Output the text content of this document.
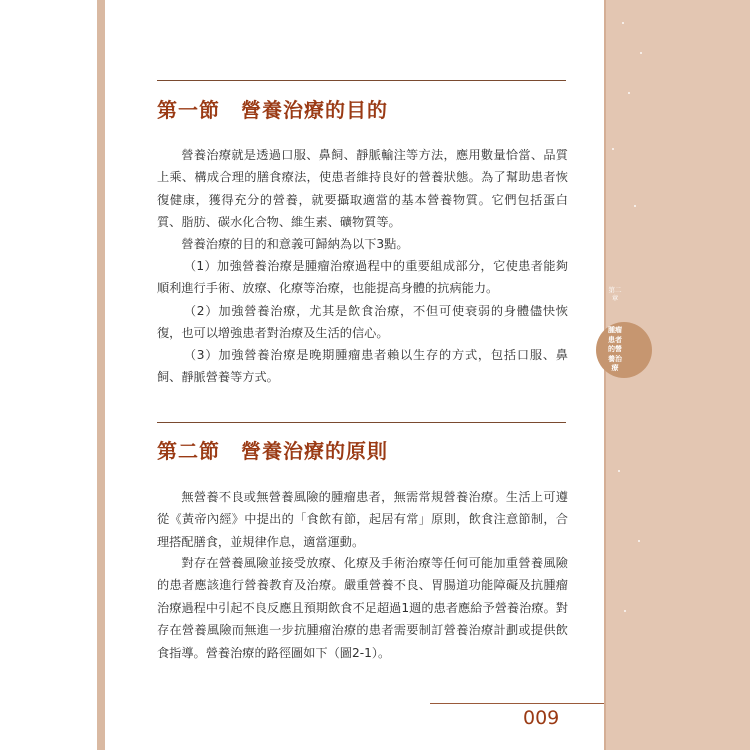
第二章
腫瘤患者的營養治療
第一節　營養治療的目的

營養治療就是透過口服、鼻飼、靜脈輸注等方法，應用數量恰當、品質上乘、構成合理的膳食療法，使患者維持良好的營養狀態。為了幫助患者恢復健康，獲得充分的營養，就要攝取適當的基本營養物質。它們包括蛋白質、脂肪、碳水化合物、維生素、礦物質等。

營養治療的目的和意義可歸納為以下3點。

（1）加強營養治療是腫瘤治療過程中的重要組成部分，它使患者能夠順利進行手術、放療、化療等治療，也能提高身體的抗病能力。

（2）加強營養治療，尤其是飲食治療，不但可使衰弱的身體儘快恢復，也可以增強患者對治療及生活的信心。

（3）加強營養治療是晚期腫瘤患者賴以生存的方式，包括口服、鼻飼、靜脈營養等方式。

第二節　營養治療的原則

無營養不良或無營養風險的腫瘤患者，無需常規營養治療。生活上可遵從《黃帝內經》中提出的「食飲有節，起居有常」原則，飲食注意節制，合理搭配膳食，並規律作息，適當運動。

對存在營養風險並接受放療、化療及手術治療等任何可能加重營養風險的患者應該進行營養教育及治療。嚴重營養不良、胃腸道功能障礙及抗腫瘤治療過程中引起不良反應且預期飲食不足超過1週的患者應給予營養治療。對存在營養風險而無進一步抗腫瘤治療的患者需要制訂營養治療計劃或提供飲食指導。營養治療的路徑圖如下（圖2-1）。

009
